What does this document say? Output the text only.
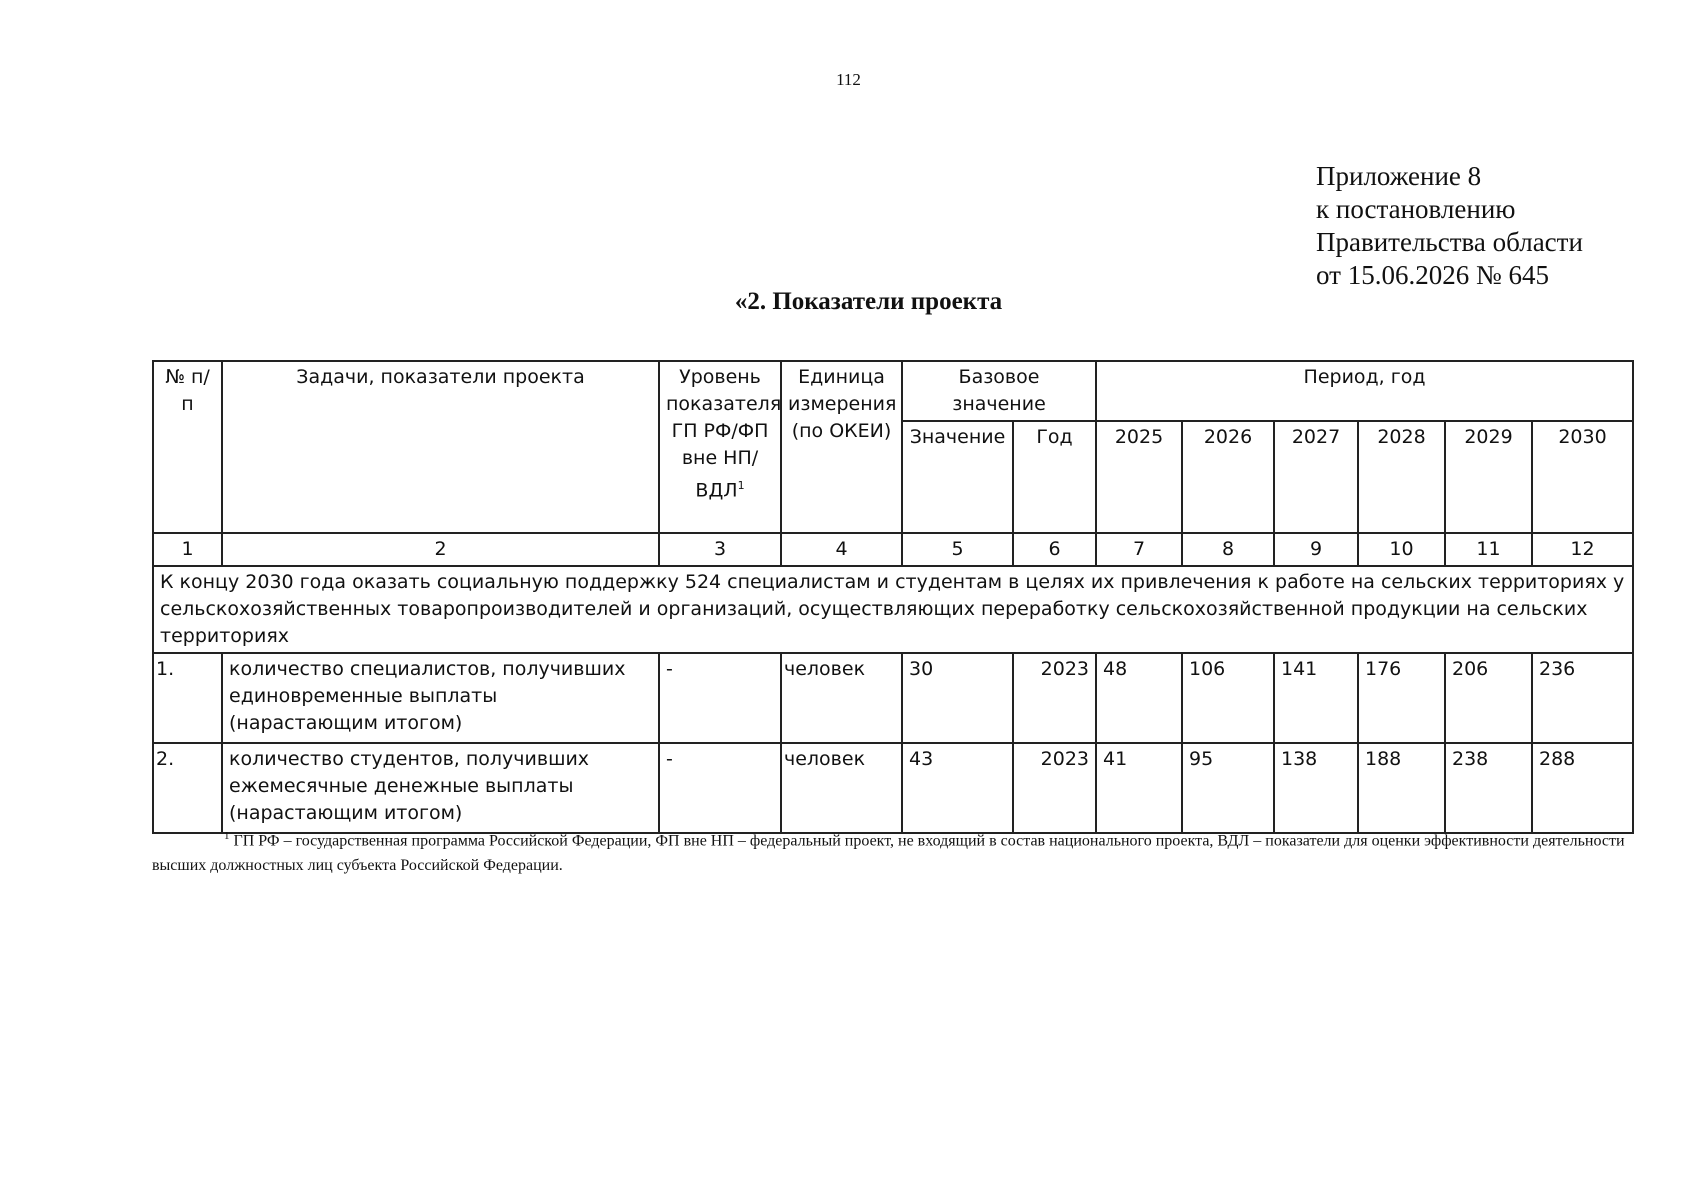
112
Приложение 8
к постановлению
Правительства области
от 15.06.2026 № 645
«2. Показатели проекта
№ п/п	Задачи, показатели проекта	Уровень показателя ГП РФ/ФП вне НП/ ВДЛ$^1$	Единица измерения (по ОКЕИ)	Базовое значение		Период, год					
				Значение	Год	2025	2026	2027	2028	2029	2030
1	2	3	4	5	6	7	8	9	10	11	12
К концу 2030 года оказать социальную поддержку 524 специалистам и студентам в целях их привлечения к работе на сельских территориях у сельскохозяйственных товаропроизводителей и организаций, осуществляющих переработку сельскохозяйственной продукции на сельских территориях											
1.	количество специалистов, получивших единовременные выплаты (нарастающим итогом)	-	человек	30	2023	48	106	141	176	206	236
2.	количество студентов, получивших ежемесячные денежные выплаты (нарастающим итогом)	-	человек	43	2023	41	95	138	188	238	288
$^1$ ГП РФ – государственная программа Российской Федерации, ФП вне НП – федеральный проект, не входящий в состав национального проекта, ВДЛ – показатели для оценки эффективности деятельности высших должностных лиц субъекта Российской Федерации.
